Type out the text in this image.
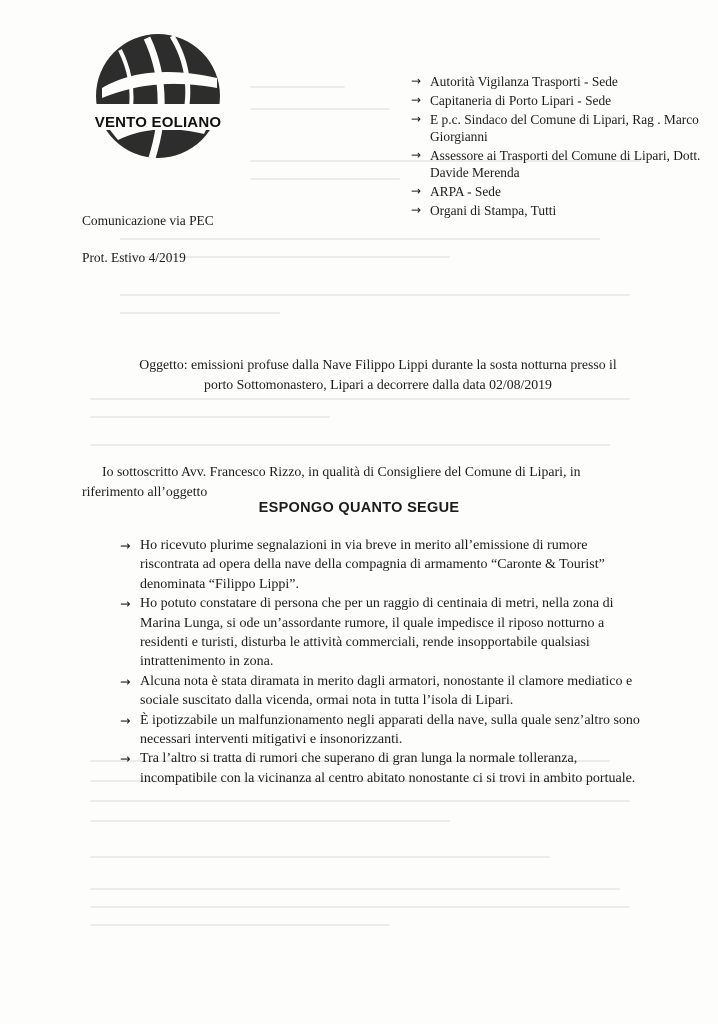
VENTO EOLIANO
→ Autorità Vigilanza Trasporti - Sede
→ Capitaneria di Porto Lipari - Sede
→ E p.c. Sindaco del Comune di Lipari, Rag . Marco Giorgianni
→ Assessore ai Trasporti del Comune di Lipari, Dott. Davide Merenda
→ ARPA - Sede
→ Organi di Stampa, Tutti
Comunicazione via PEC
Prot. Estivo 4/2019
Oggetto: emissioni profuse dalla Nave Filippo Lippi durante la sosta notturna presso il
porto Sottomonastero, Lipari a decorrere dalla data 02/08/2019
Io sottoscritto Avv. Francesco Rizzo, in qualità di Consigliere del Comune di Lipari, in
riferimento all’oggetto
ESPONGO QUANTO SEGUE
→ Ho ricevuto plurime segnalazioni in via breve in merito all’emissione di rumore riscontrata ad opera della nave della compagnia di armamento “Caronte & Tourist” denominata “Filippo Lippi”.
→ Ho potuto constatare di persona che per un raggio di centinaia di metri, nella zona di Marina Lunga, si ode un’assordante rumore, il quale impedisce il riposo notturno a residenti e turisti, disturba le attività commerciali, rende insopportabile qualsiasi intrattenimento in zona.
→ Alcuna nota è stata diramata in merito dagli armatori, nonostante il clamore mediatico e sociale suscitato dalla vicenda, ormai nota in tutta l’isola di Lipari.
→ È ipotizzabile un malfunzionamento negli apparati della nave, sulla quale senz’altro sono necessari interventi mitigativi e insonorizzanti.
→ Tra l’altro si tratta di rumori che superano di gran lunga la normale tolleranza, incompatibile con la vicinanza al centro abitato nonostante ci si trovi in ambito portuale.
